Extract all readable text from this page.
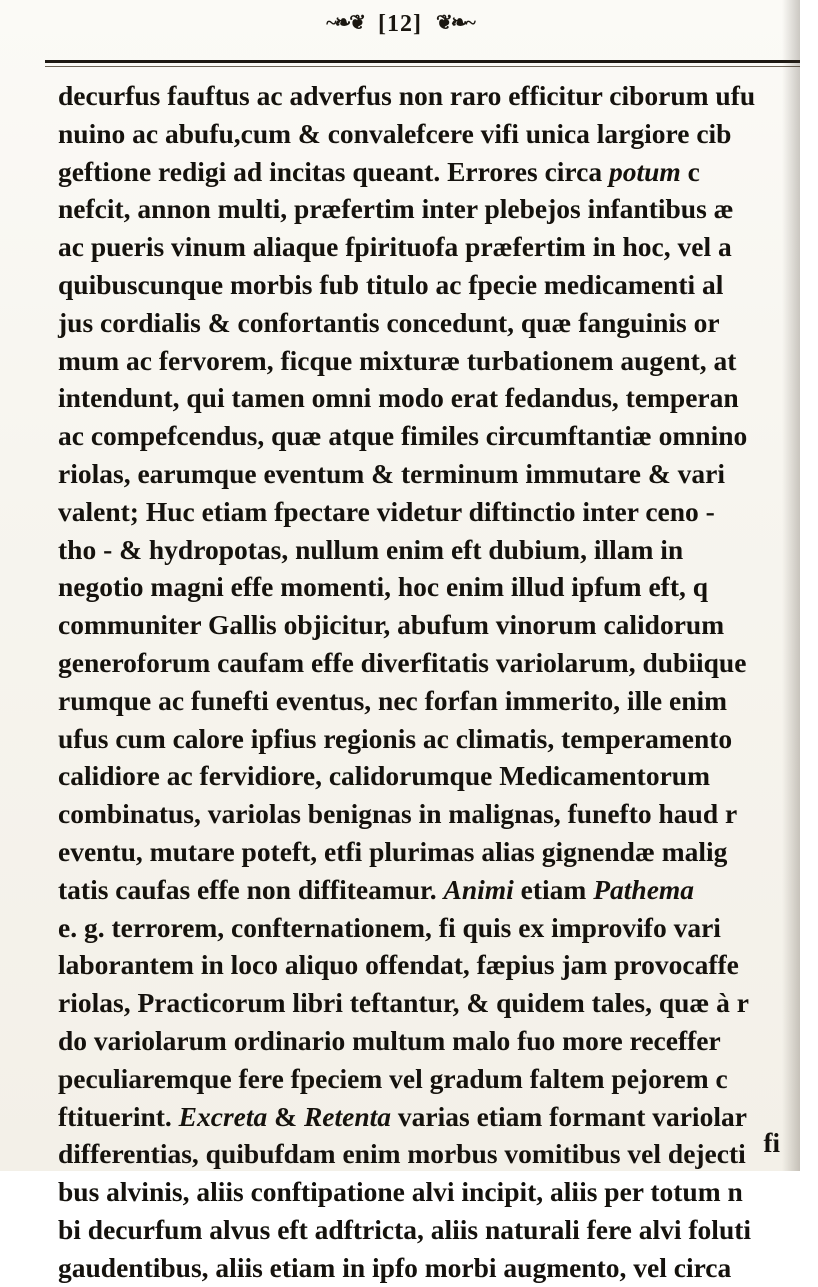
~❧❦ [12] ❦❧~
decurfus fauftus ac adverfus non raro efficitur ciborum ufu
nuino ac abufu,cum & convalefcere vifi unica largiore cib
geftione redigi ad incitas queant. Errores circa potum c
nefcit, annon multi, præfertim inter plebejos infantibus æ
ac pueris vinum aliaque fpirituofa præfertim in hoc, vel a
quibuscunque morbis fub titulo ac fpecie medicamenti al
jus cordialis & confortantis concedunt, quæ fanguinis or
mum ac fervorem, ficque mixturæ turbationem augent, at
intendunt, qui tamen omni modo erat fedandus, temperan
ac compefcendus, quæ atque fimiles circumftantiæ omnino
riolas, earumque eventum & terminum immutare & vari
valent; Huc etiam fpectare videtur diftinctio inter ceno -
tho - & hydropotas, nullum enim eft dubium, illam in
negotio magni effe momenti, hoc enim illud ipfum eft, q
communiter Gallis objicitur, abufum vinorum calidorum
generoforum caufam effe diverfitatis variolarum, dubiique
rumque ac funefti eventus, nec forfan immerito, ille enim
ufus cum calore ipfius regionis ac climatis, temperamento
calidiore ac fervidiore, calidorumque Medicamentorum
combinatus, variolas benignas in malignas, funefto haud r
eventu, mutare poteft, etfi plurimas alias gignendæ malig
tatis caufas effe non diffiteamur. Animi etiam Pathema
e. g. terrorem, confternationem, fi quis ex improvifo vari
laborantem in loco aliquo offendat, fæpius jam provocaffe
riolas, Practicorum libri teftantur, & quidem tales, quæ à r
do variolarum ordinario multum malo fuo more receffer
peculiaremque fere fpeciem vel gradum faltem pejorem c
ftituerint. Excreta & Retenta varias etiam formant variolar
differentias, quibufdam enim morbus vomitibus vel dejecti
bus alvinis, aliis conftipatione alvi incipit, aliis per totum n
bi decurfum alvus eft adftricta, aliis naturali fere alvi foluti
gaudentibus, aliis etiam in ipfo morbi augmento, vel circa
fi
